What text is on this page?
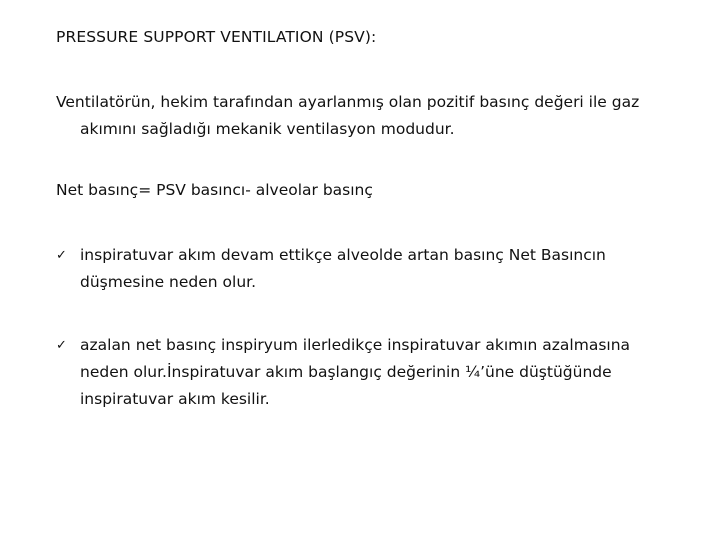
PRESSURE SUPPORT VENTILATION (PSV):
Ventilatörün, hekim tarafından ayarlanmış olan pozitif basınç değeri ile gaz
akımını sağladığı mekanik ventilasyon modudur.
Net basınç= PSV basıncı- alveolar basınç
✓ inspiratuvar akım devam ettikçe alveolde artan basınç Net Basıncın
düşmesine neden olur.
✓ azalan net basınç inspiryum ilerledikçe inspiratuvar akımın azalmasına
neden olur.İnspiratuvar akım başlangıç değerinin ¼’üne düştüğünde
inspiratuvar akım kesilir.
